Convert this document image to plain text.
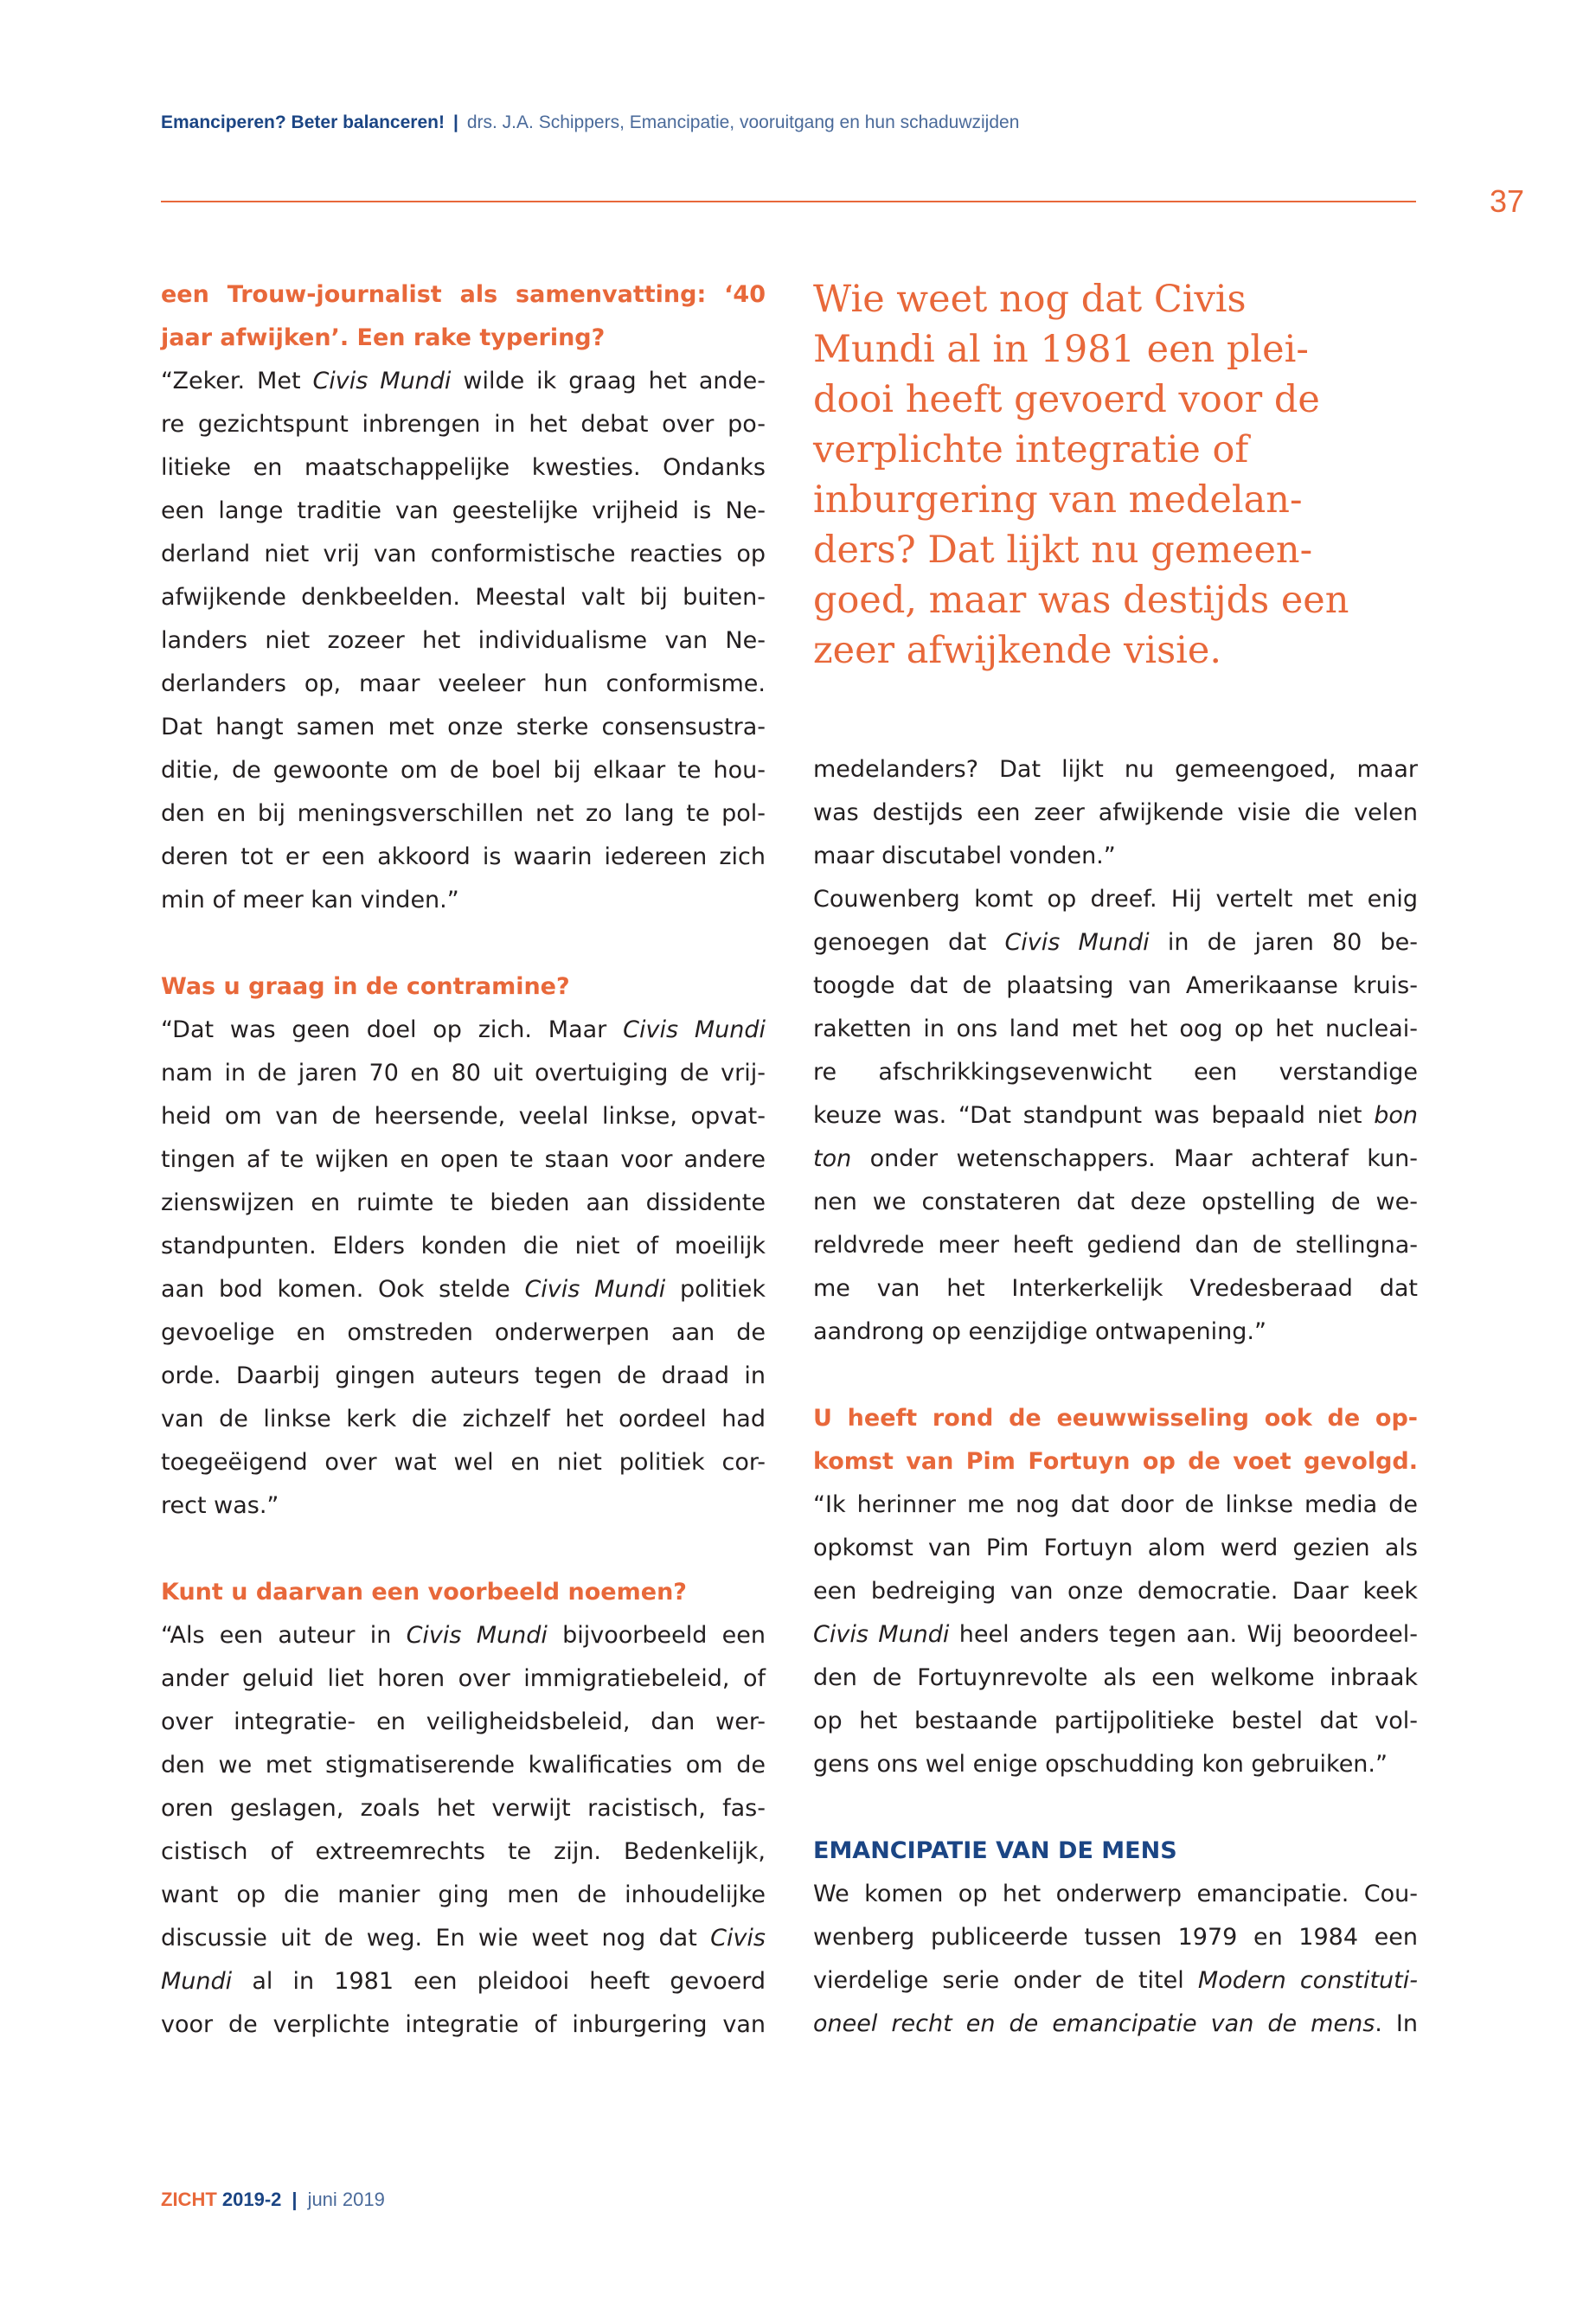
Emanciperen? Beter balanceren! | drs. J.A. Schippers, Emancipatie, vooruitgang en hun schaduwzijden
37
een Trouw-journalist als samenvatting: ‘40
jaar afwijken’. Een rake typering?
“Zeker. Met Civis Mundi wilde ik graag het ande-
re gezichtspunt inbrengen in het debat over po-
litieke en maatschappelijke kwesties. Ondanks
een lange traditie van geestelijke vrijheid is Ne-
derland niet vrij van conformistische reacties op
afwijkende denkbeelden. Meestal valt bij buiten-
landers niet zozeer het individualisme van Ne-
derlanders op, maar veeleer hun conformisme.
Dat hangt samen met onze sterke consensustra-
ditie, de gewoonte om de boel bij elkaar te hou-
den en bij meningsverschillen net zo lang te pol-
deren tot er een akkoord is waarin iedereen zich
min of meer kan vinden.”
Was u graag in de contramine?
“Dat was geen doel op zich. Maar Civis Mundi
nam in de jaren 70 en 80 uit overtuiging de vrij-
heid om van de heersende, veelal linkse, opvat-
tingen af te wijken en open te staan voor andere
zienswijzen en ruimte te bieden aan dissidente
standpunten. Elders konden die niet of moeilijk
aan bod komen. Ook stelde Civis Mundi politiek
gevoelige en omstreden onderwerpen aan de
orde. Daarbij gingen auteurs tegen de draad in
van de linkse kerk die zichzelf het oordeel had
toegeëigend over wat wel en niet politiek cor-
rect was.”
Kunt u daarvan een voorbeeld noemen?
“Als een auteur in Civis Mundi bijvoorbeeld een
ander geluid liet horen over immigratiebeleid, of
over integratie- en veiligheidsbeleid, dan wer-
den we met stigmatiserende kwalificaties om de
oren geslagen, zoals het verwijt racistisch, fas-
cistisch of extreemrechts te zijn. Bedenkelijk,
want op die manier ging men de inhoudelijke
discussie uit de weg. En wie weet nog dat Civis
Mundi al in 1981 een pleidooi heeft gevoerd
voor de verplichte integratie of inburgering van
Wie weet nog dat Civis
Mundi al in 1981 een plei-
dooi heeft gevoerd voor de
verplichte integratie of
inburgering van medelan-
ders? Dat lijkt nu gemeen-
goed, maar was destijds een
zeer afwijkende visie.
medelanders? Dat lijkt nu gemeengoed, maar
was destijds een zeer afwijkende visie die velen
maar discutabel vonden.”
Couwenberg komt op dreef. Hij vertelt met enig
genoegen dat Civis Mundi in de jaren 80 be-
toogde dat de plaatsing van Amerikaanse kruis-
raketten in ons land met het oog op het nucleai-
re afschrikkingsevenwicht een verstandige
keuze was. “Dat standpunt was bepaald niet bon
ton onder wetenschappers. Maar achteraf kun-
nen we constateren dat deze opstelling de we-
reldvrede meer heeft gediend dan de stellingna-
me van het Interkerkelijk Vredesberaad dat
aandrong op eenzijdige ontwapening.”
U heeft rond de eeuwwisseling ook de op-
komst van Pim Fortuyn op de voet gevolgd.
“Ik herinner me nog dat door de linkse media de
opkomst van Pim Fortuyn alom werd gezien als
een bedreiging van onze democratie. Daar keek
Civis Mundi heel anders tegen aan. Wij beoordeel-
den de Fortuynrevolte als een welkome inbraak
op het bestaande partijpolitieke bestel dat vol-
gens ons wel enige opschudding kon gebruiken.”
EMANCIPATIE VAN DE MENS
We komen op het onderwerp emancipatie. Cou-
wenberg publiceerde tussen 1979 en 1984 een
vierdelige serie onder de titel Modern constituti-
oneel recht en de emancipatie van de mens. In
ZICHT 2019-2 | juni 2019
